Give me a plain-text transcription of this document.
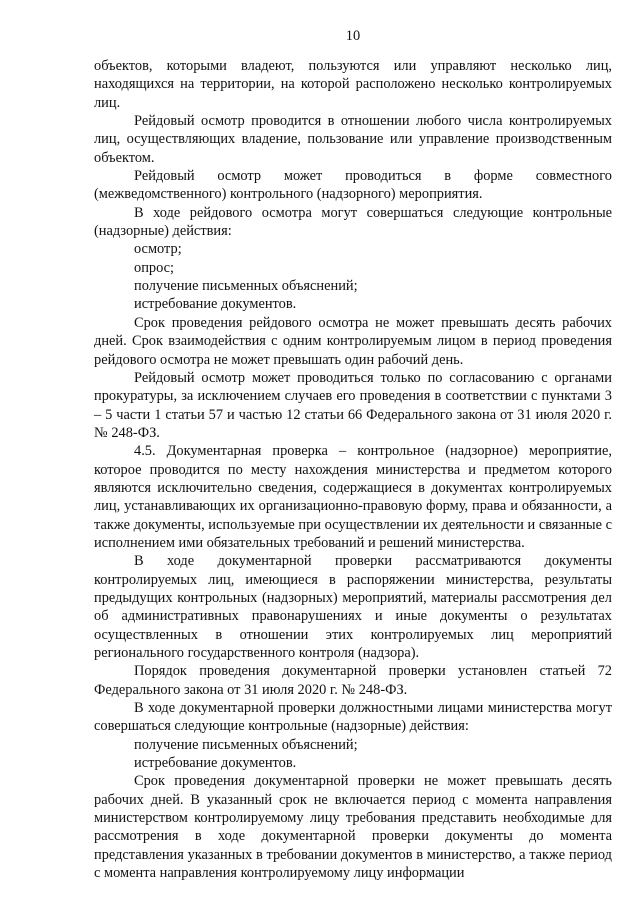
10

объектов, которыми владеют, пользуются или управляют несколько лиц, находящихся на территории, на которой расположено несколько контролируемых лиц.

Рейдовый осмотр проводится в отношении любого числа контролируемых лиц, осуществляющих владение, пользование или управление производственным объектом.

Рейдовый осмотр может проводиться в форме совместного (межведомственного) контрольного (надзорного) мероприятия.

В ходе рейдового осмотра могут совершаться следующие контрольные (надзорные) действия:

осмотр;

опрос;

получение письменных объяснений;

истребование документов.

Срок проведения рейдового осмотра не может превышать десять рабочих дней. Срок взаимодействия с одним контролируемым лицом в период проведения рейдового осмотра не может превышать один рабочий день.

Рейдовый осмотр может проводиться только по согласованию с органами прокуратуры, за исключением случаев его проведения в соответствии с пунктами 3 – 5 части 1 статьи 57 и частью 12 статьи 66 Федерального закона от 31 июля 2020 г. № 248-ФЗ.

4.5. Документарная проверка – контрольное (надзорное) мероприятие, которое проводится по месту нахождения министерства и предметом которого являются исключительно сведения, содержащиеся в документах контролируемых лиц, устанавливающих их организационно-правовую форму, права и обязанности, а также документы, используемые при осуществлении их деятельности и связанные с исполнением ими обязательных требований и решений министерства.

В ходе документарной проверки рассматриваются документы контролируемых лиц, имеющиеся в распоряжении министерства, результаты предыдущих контрольных (надзорных) мероприятий, материалы рассмотрения дел об административных правонарушениях и иные документы о результатах осуществленных в отношении этих контролируемых лиц мероприятий регионального государственного контроля (надзора).

Порядок проведения документарной проверки установлен статьей 72 Федерального закона от 31 июля 2020 г. № 248-ФЗ.

В ходе документарной проверки должностными лицами министерства могут совершаться следующие контрольные (надзорные) действия:

получение письменных объяснений;

истребование документов.

Срок проведения документарной проверки не может превышать десять рабочих дней. В указанный срок не включается период с момента направления министерством контролируемому лицу требования представить необходимые для рассмотрения в ходе документарной проверки документы до момента представления указанных в требовании документов в министерство, а также период с момента направления контролируемому лицу информации
